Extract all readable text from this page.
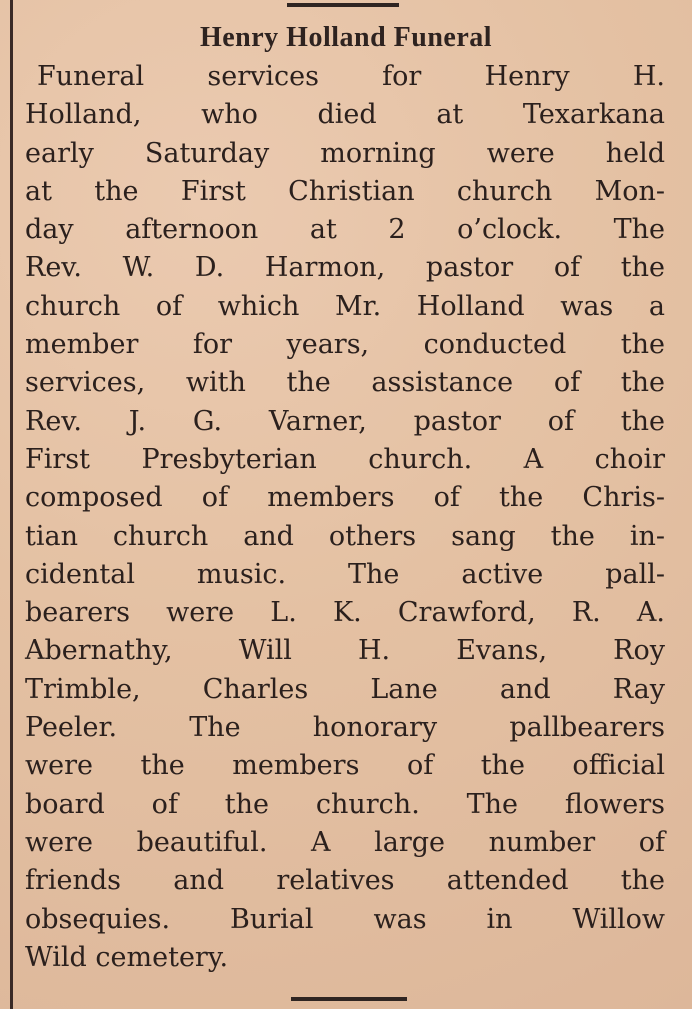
Henry Holland Funeral
Funeral services for Henry H.
Holland, who died at Texarkana
early Saturday morning were held
at the First Christian church Mon-
day afternoon at 2 o’clock. The
Rev. W. D. Harmon, pastor of the
church of which Mr. Holland was a
member for years, conducted the
services, with the assistance of the
Rev. J. G. Varner, pastor of the
First Presbyterian church. A choir
composed of members of the Chris-
tian church and others sang the in-
cidental music. The active pall-
bearers were L. K. Crawford, R. A.
Abernathy, Will H. Evans, Roy
Trimble, Charles Lane and Ray
Peeler. The honorary pallbearers
were the members of the official
board of the church. The flowers
were beautiful. A large number of
friends and relatives attended the
obsequies. Burial was in Willow
Wild cemetery.
